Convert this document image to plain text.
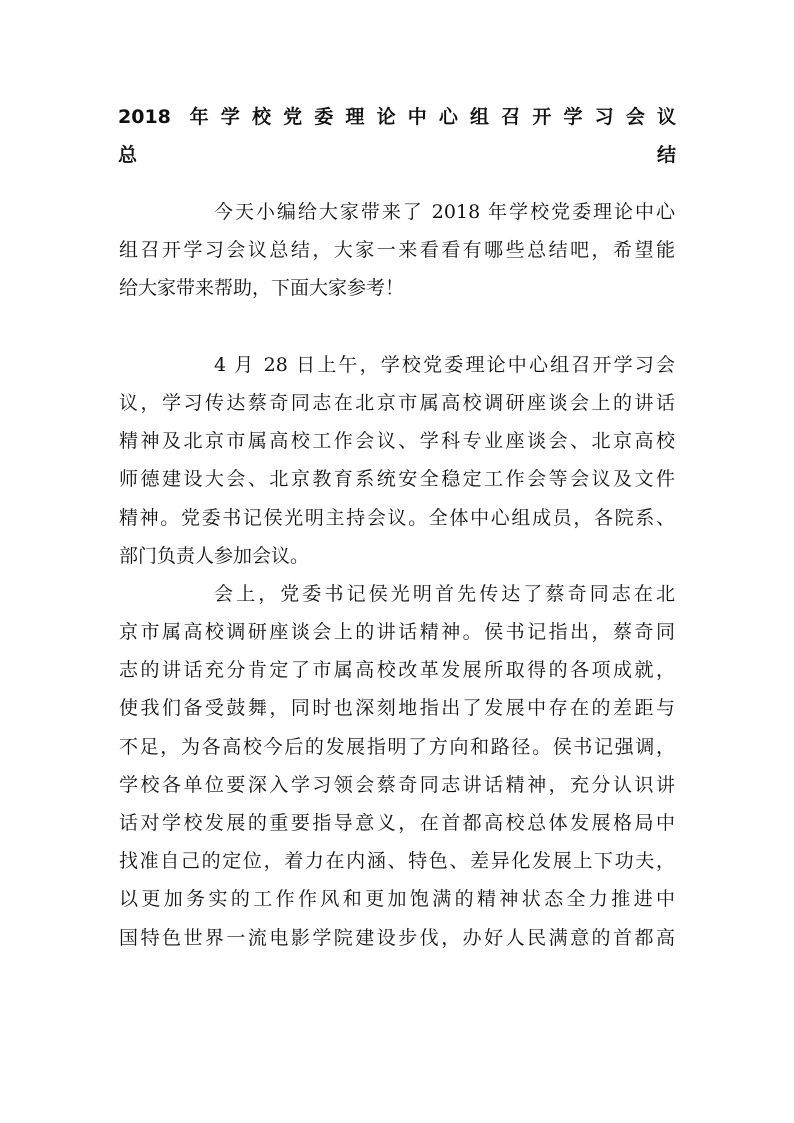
2018 年学校党委理论中心组召开学习会议
总结
今天小编给大家带来了 2018 年学校党委理论中心
组召开学习会议总结，大家一来看看有哪些总结吧，希望能
给大家带来帮助，下面大家参考！
4 月 28 日上午，学校党委理论中心组召开学习会
议，学习传达蔡奇同志在北京市属高校调研座谈会上的讲话
精神及北京市属高校工作会议、学科专业座谈会、北京高校
师德建设大会、北京教育系统安全稳定工作会等会议及文件
精神。党委书记侯光明主持会议。全体中心组成员，各院系、
部门负责人参加会议。
会上，党委书记侯光明首先传达了蔡奇同志在北
京市属高校调研座谈会上的讲话精神。侯书记指出，蔡奇同
志的讲话充分肯定了市属高校改革发展所取得的各项成就，
使我们备受鼓舞，同时也深刻地指出了发展中存在的差距与
不足，为各高校今后的发展指明了方向和路径。侯书记强调，
学校各单位要深入学习领会蔡奇同志讲话精神，充分认识讲
话对学校发展的重要指导意义，在首都高校总体发展格局中
找准自己的定位，着力在内涵、特色、差异化发展上下功夫，
以更加务实的工作作风和更加饱满的精神状态全力推进中
国特色世界一流电影学院建设步伐，办好人民满意的首都高
